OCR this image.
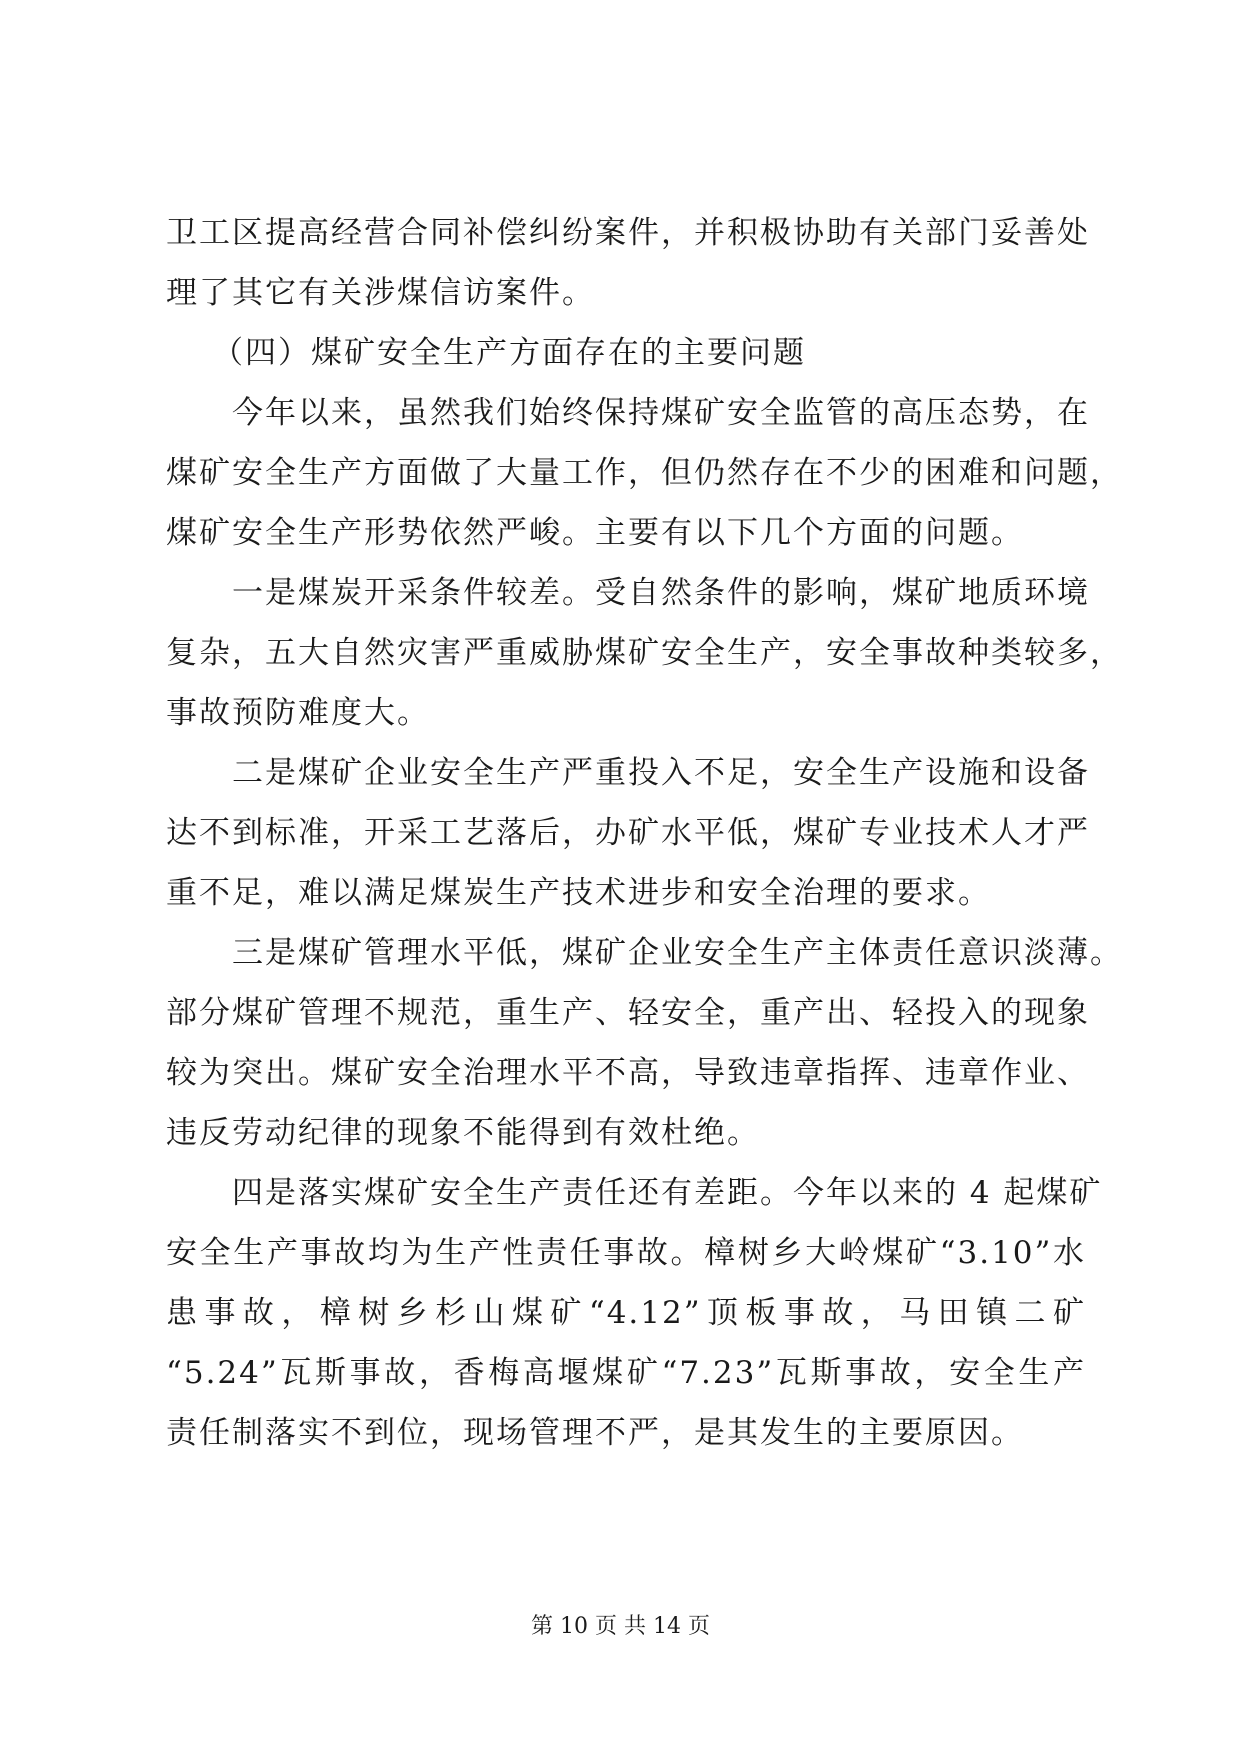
卫工区提高经营合同补偿纠纷案件，并积极协助有关部门妥善处
理了其它有关涉煤信访案件。
（四）煤矿安全生产方面存在的主要问题
今年以来，虽然我们始终保持煤矿安全监管的高压态势，在
煤矿安全生产方面做了大量工作，但仍然存在不少的困难和问题，
煤矿安全生产形势依然严峻。主要有以下几个方面的问题。
一是煤炭开采条件较差。受自然条件的影响，煤矿地质环境
复杂，五大自然灾害严重威胁煤矿安全生产，安全事故种类较多，
事故预防难度大。
二是煤矿企业安全生产严重投入不足，安全生产设施和设备
达不到标准，开采工艺落后，办矿水平低，煤矿专业技术人才严
重不足，难以满足煤炭生产技术进步和安全治理的要求。
三是煤矿管理水平低，煤矿企业安全生产主体责任意识淡薄。
部分煤矿管理不规范，重生产、轻安全，重产出、轻投入的现象
较为突出。煤矿安全治理水平不高，导致违章指挥、违章作业、
违反劳动纪律的现象不能得到有效杜绝。
四是落实煤矿安全生产责任还有差距。今年以来的 4 起煤矿
安全生产事故均为生产性责任事故。樟树乡大岭煤矿“3.10”水
患事故，樟树乡杉山煤矿“4.12”顶板事故，马田镇二矿
“5.24”瓦斯事故，香梅高堰煤矿“7.23”瓦斯事故，安全生产
责任制落实不到位，现场管理不严，是其发生的主要原因。
第 10 页 共 14 页
